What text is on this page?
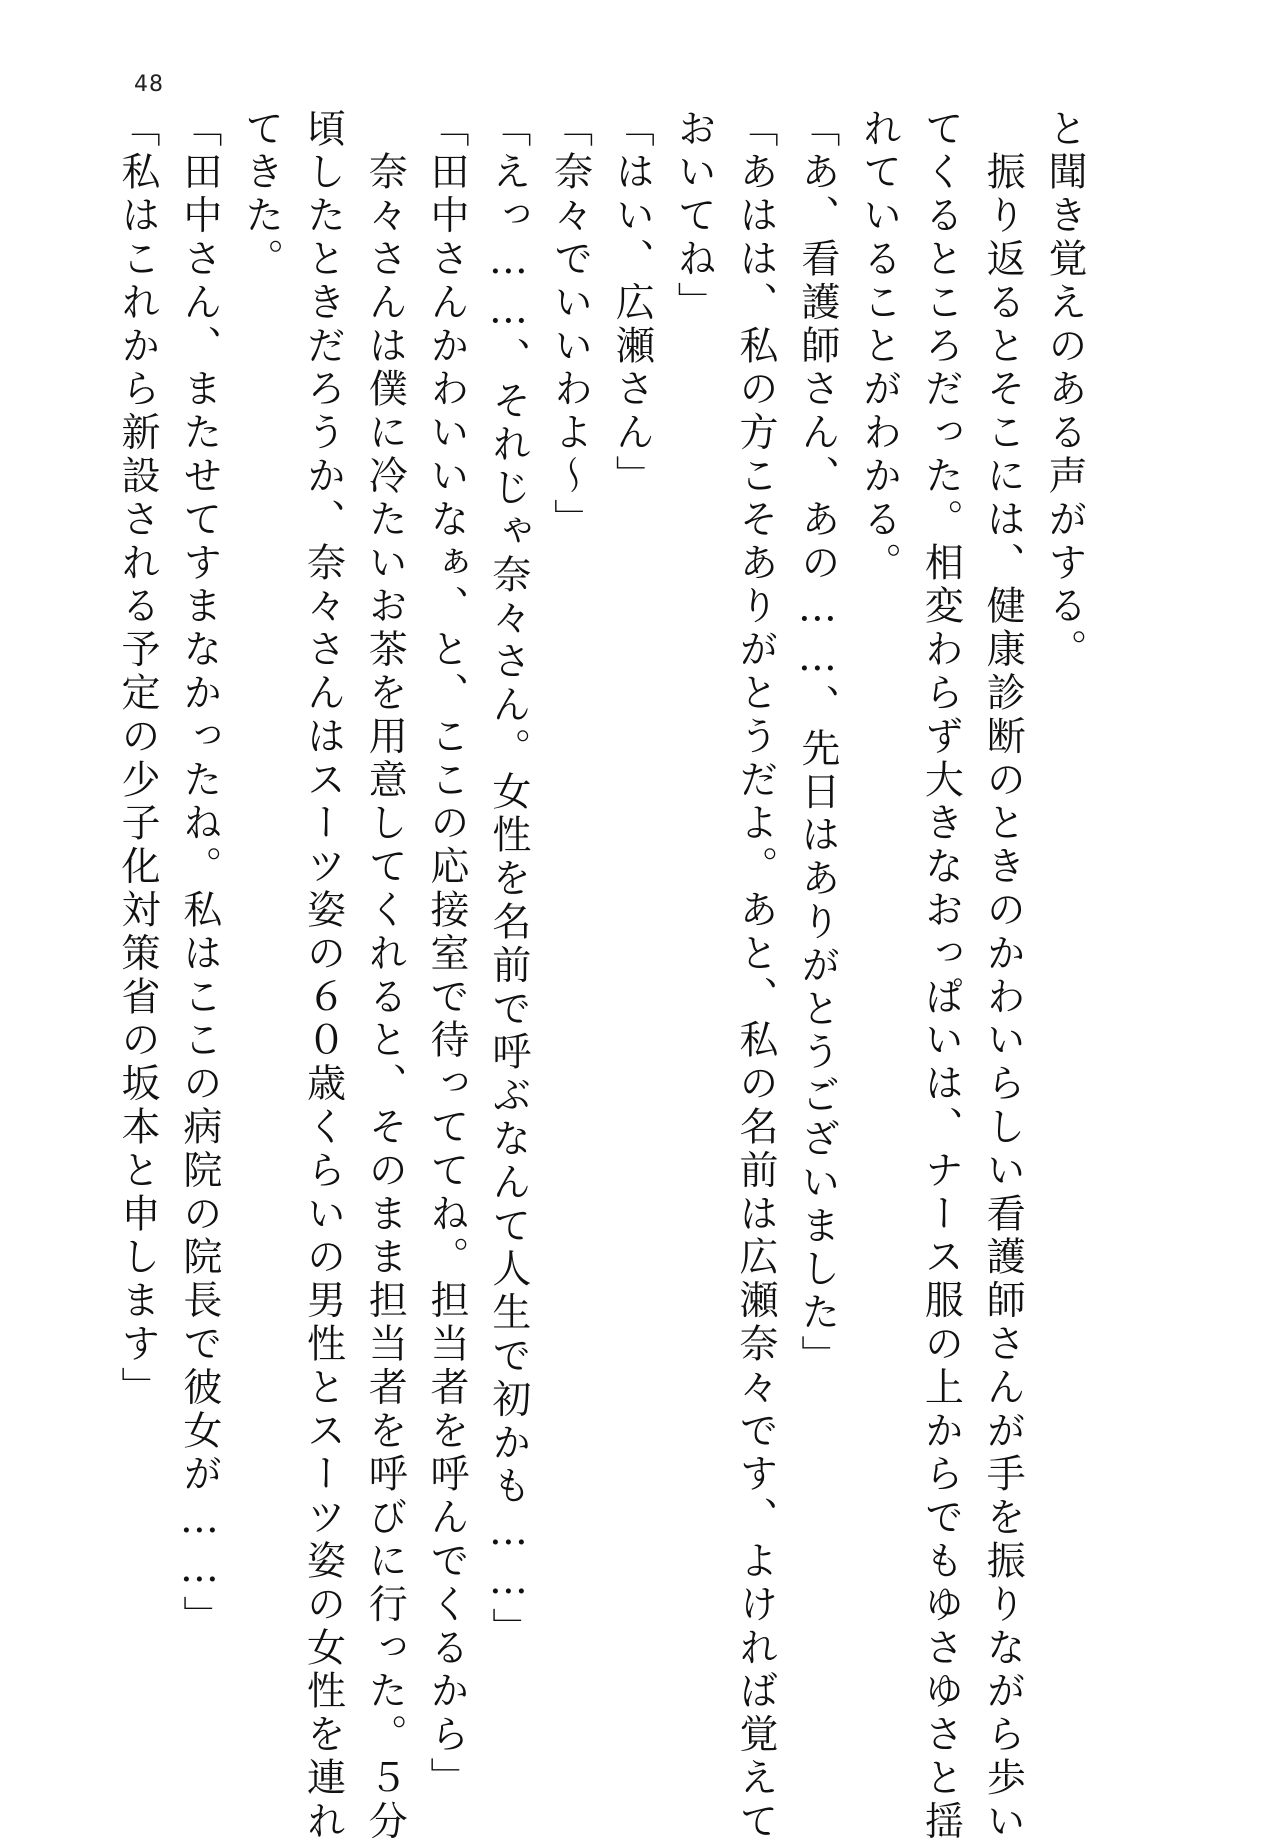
48
と聞き覚えのある声がする。
　振り返るとそこには、健康診断のときのかわいらしい看護師さんが手を振りながら歩い
てくるところだった。相変わらず大きなおっぱいは、ナース服の上からでもゆさゆさと揺
れていることがわかる。
「あ、看護師さん、あの……、先日はありがとうございました」
「あはは、私の方こそありがとうだよ。あと、私の名前は広瀬奈々です、よければ覚えて
おいてね」
「はい、広瀬さん」
「奈々でいいわよ～」
「えっ……、それじゃ奈々さん。女性を名前で呼ぶなんて人生で初かも……」
「田中さんかわいいなぁ、と、ここの応接室で待っててね。担当者を呼んでくるから」
　奈々さんは僕に冷たいお茶を用意してくれると、そのまま担当者を呼びに行った。５分
頃したときだろうか、奈々さんはスーツ姿の６０歳くらいの男性とスーツ姿の女性を連れ
てきた。
「田中さん、またせてすまなかったね。私はここの病院の院長で彼女が……」
「私はこれから新設される予定の少子化対策省の坂本と申します」
